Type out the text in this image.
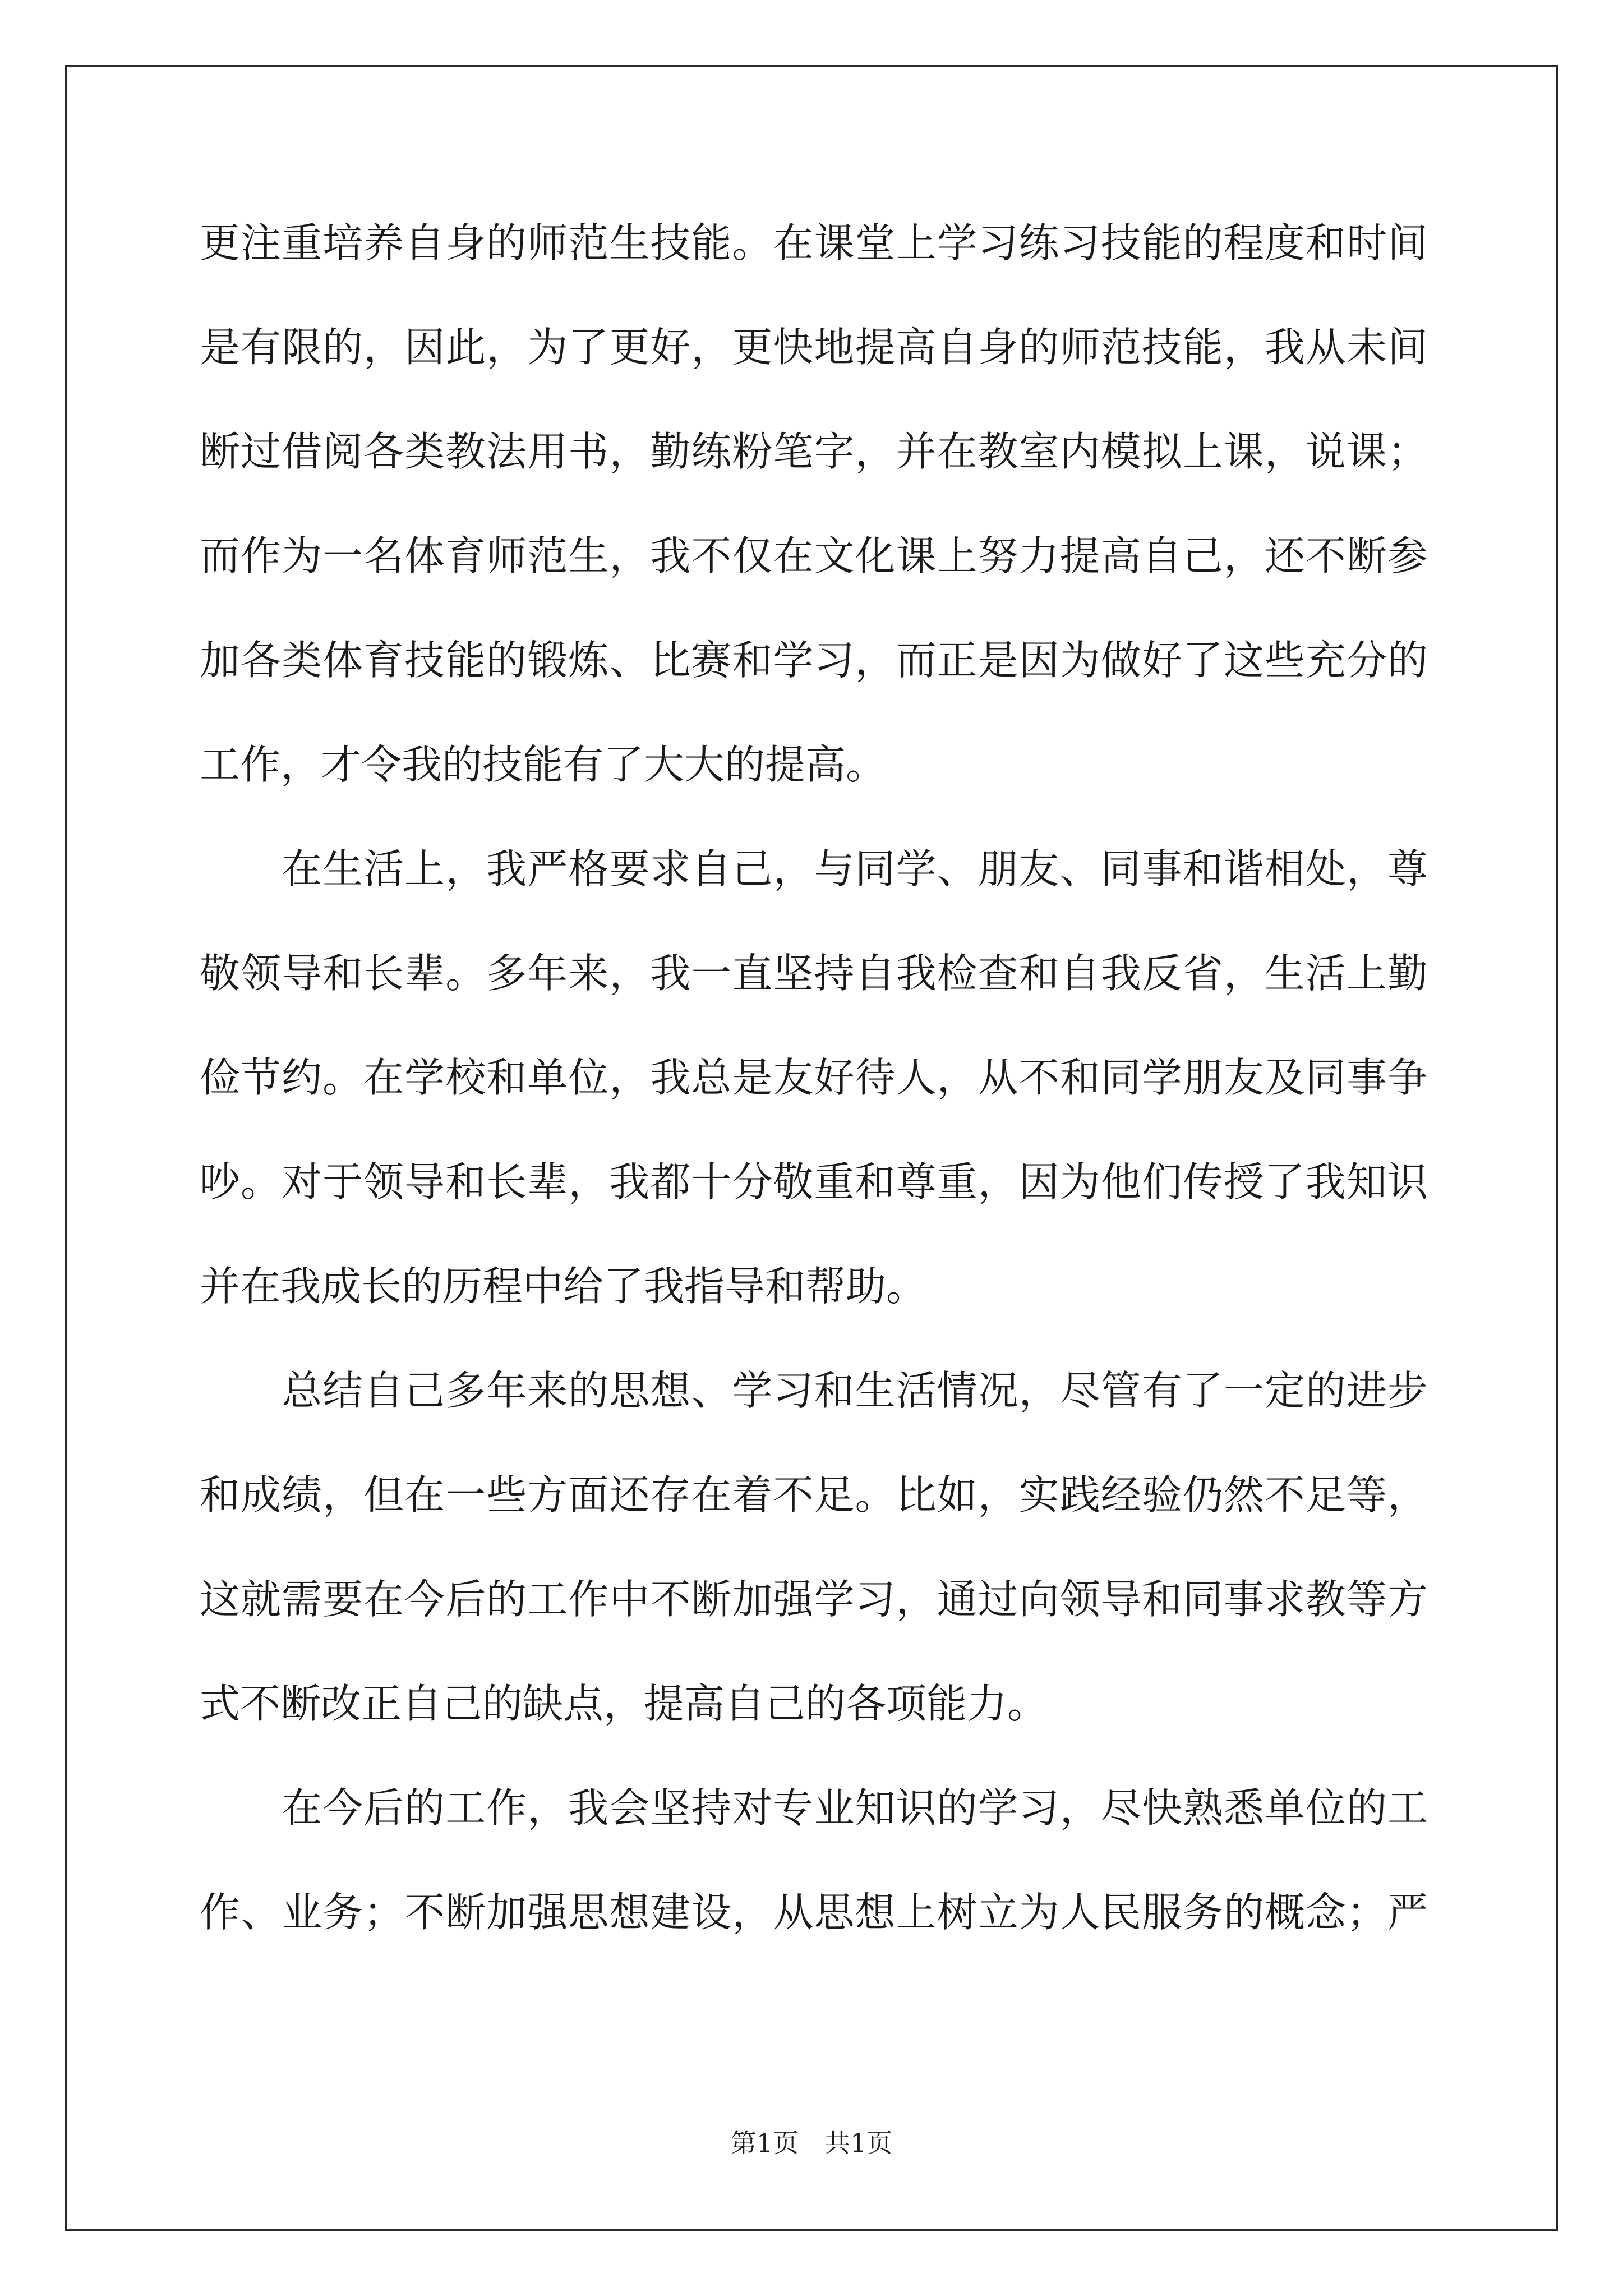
更注重培养自身的师范生技能。在课堂上学习练习技能的程度和时间
是有限的，因此，为了更好，更快地提高自身的师范技能，我从未间
断过借阅各类教法用书，勤练粉笔字，并在教室内模拟上课，说课；
而作为一名体育师范生，我不仅在文化课上努力提高自己，还不断参
加各类体育技能的锻炼、比赛和学习，而正是因为做好了这些充分的
工作，才令我的技能有了大大的提高。
　　在生活上，我严格要求自己，与同学、朋友、同事和谐相处，尊
敬领导和长辈。多年来，我一直坚持自我检查和自我反省，生活上勤
俭节约。在学校和单位，我总是友好待人，从不和同学朋友及同事争
吵。对于领导和长辈，我都十分敬重和尊重，因为他们传授了我知识
并在我成长的历程中给了我指导和帮助。
　　总结自己多年来的思想、学习和生活情况，尽管有了一定的进步
和成绩，但在一些方面还存在着不足。比如，实践经验仍然不足等，
这就需要在今后的工作中不断加强学习，通过向领导和同事求教等方
式不断改正自己的缺点，提高自己的各项能力。
　　在今后的工作，我会坚持对专业知识的学习，尽快熟悉单位的工
作、业务；不断加强思想建设，从思想上树立为人民服务的概念；严
第1页　共1页
